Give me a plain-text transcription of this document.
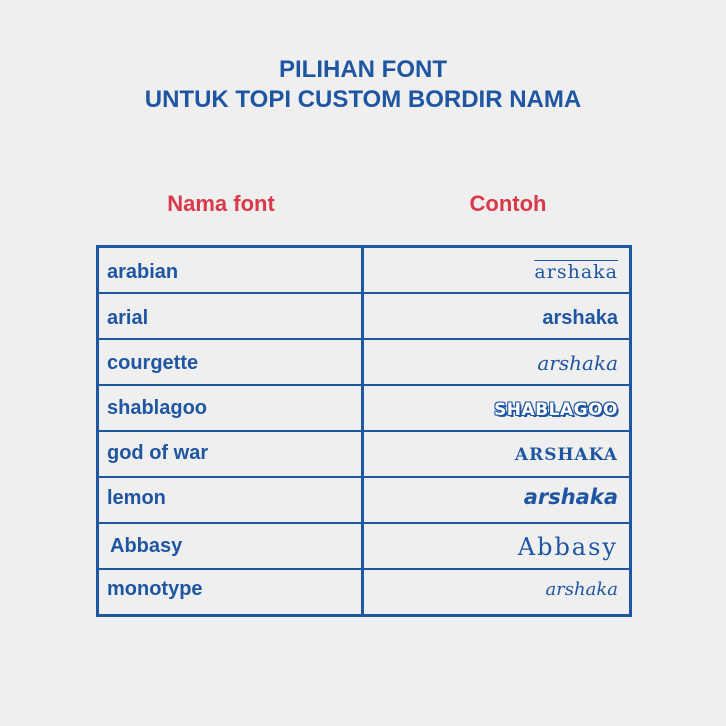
PILIHAN FONT
UNTUK TOPI CUSTOM BORDIR NAMA
Nama font	Contoh
arabian	arshaka
arial	arshaka
courgette	arshaka
shablagoo	SHABLAGOO
god of war	ARSHAKA
lemon	arshaka
Abbasy	Abbasy
monotype	arshaka
